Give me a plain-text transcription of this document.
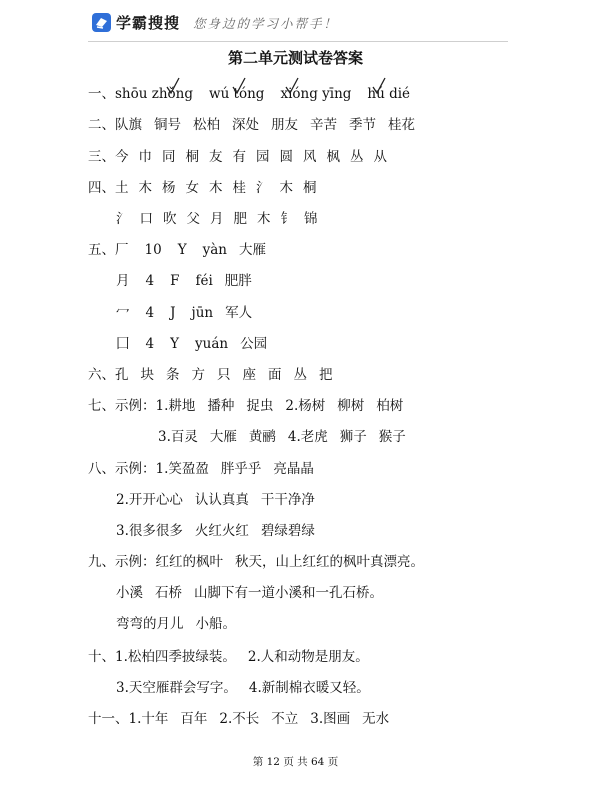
学霸搜搜 您身边的学习小帮手！
第二单元测试卷答案
一、shōu zhǒng wú tóng xióng yīng hú dié
二、队旗 铜号 松柏 深处 朋友 辛苦 季节 桂花
三、今 巾 同 桐 友 有 园 圆 风 枫 丛 从
四、土 木 杨 女 木 桂 氵 木 桐
氵 口 吹 父 月 肥 木 钅 锦
五、厂 10 Y yàn 大雁
月 4 F féi 肥胖
冖 4 J jūn 军人
囗 4 Y yuán 公园
六、孔 块 条 方 只 座 面 丛 把
七、示例：1.耕地 播种 捉虫 2.杨树 柳树 柏树
3.百灵 大雁 黄鹂 4.老虎 狮子 猴子
八、示例：1.笑盈盈 胖乎乎 亮晶晶
2.开开心心 认认真真 干干净净
3.很多很多 火红火红 碧绿碧绿
九、示例：红红的枫叶 秋天，山上红红的枫叶真漂亮。
小溪 石桥 山脚下有一道小溪和一孔石桥。
弯弯的月儿 小船。
十、1.松柏四季披绿装。 2.人和动物是朋友。
3.天空雁群会写字。 4.新制棉衣暖又轻。
十一、1.十年 百年 2.不长 不立 3.图画 无水
第 12 页 共 64 页
